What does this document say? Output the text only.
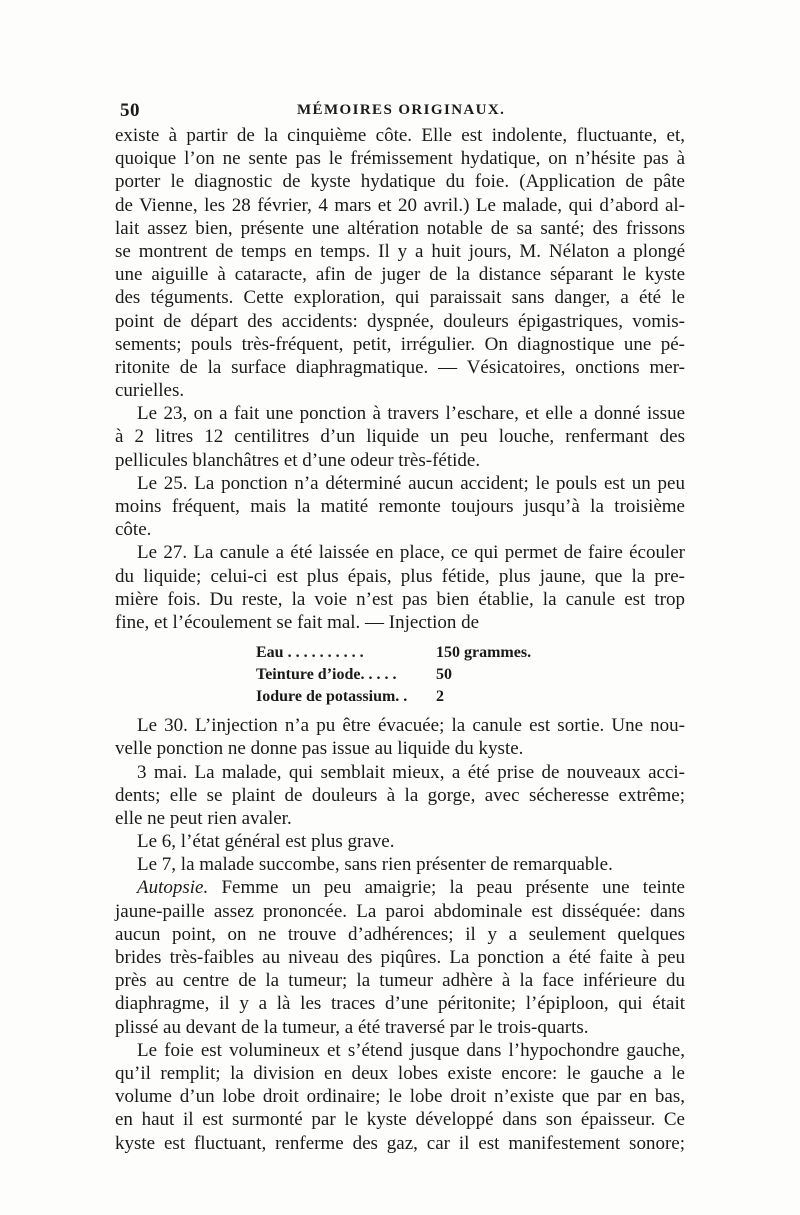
50	MÉMOIRES ORIGINAUX.
existe à partir de la cinquième côte. Elle est indolente, fluctuante, et,
quoique l’on ne sente pas le frémissement hydatique, on n’hésite pas à
porter le diagnostic de kyste hydatique du foie. (Application de pâte
de Vienne, les 28 février, 4 mars et 20 avril.) Le malade, qui d’abord al-
lait assez bien, présente une altération notable de sa santé; des frissons
se montrent de temps en temps. Il y a huit jours, M. Nélaton a plongé
une aiguille à cataracte, afin de juger de la distance séparant le kyste
des téguments. Cette exploration, qui paraissait sans danger, a été le
point de départ des accidents: dyspnée, douleurs épigastriques, vomis-
sements; pouls très-fréquent, petit, irrégulier. On diagnostique une pé-
ritonite de la surface diaphragmatique. — Vésicatoires, onctions mer-
curielles.
Le 23, on a fait une ponction à travers l’eschare, et elle a donné issue
à 2 litres 12 centilitres d’un liquide un peu louche, renfermant des
pellicules blanchâtres et d’une odeur très-fétide.
Le 25. La ponction n’a déterminé aucun accident; le pouls est un peu
moins fréquent, mais la matité remonte toujours jusqu’à la troisième
côte.
Le 27. La canule a été laissée en place, ce qui permet de faire écouler
du liquide; celui-ci est plus épais, plus fétide, plus jaune, que la pre-
mière fois. Du reste, la voie n’est pas bien établie, la canule est trop
fine, et l’écoulement se fait mal. — Injection de
Eau . . . . . . . . . .	150 grammes.
Teinture d’iode. . . . .	50
Iodure de potassium. .	2
Le 30. L’injection n’a pu être évacuée; la canule est sortie. Une nou-
velle ponction ne donne pas issue au liquide du kyste.
3 mai. La malade, qui semblait mieux, a été prise de nouveaux acci-
dents; elle se plaint de douleurs à la gorge, avec sécheresse extrême;
elle ne peut rien avaler.
Le 6, l’état général est plus grave.
Le 7, la malade succombe, sans rien présenter de remarquable.
Autopsie. Femme un peu amaigrie; la peau présente une teinte
jaune-paille assez prononcée. La paroi abdominale est disséquée: dans
aucun point, on ne trouve d’adhérences; il y a seulement quelques
brides très-faibles au niveau des piqûres. La ponction a été faite à peu
près au centre de la tumeur; la tumeur adhère à la face inférieure du
diaphragme, il y a là les traces d’une péritonite; l’épiploon, qui était
plissé au devant de la tumeur, a été traversé par le trois-quarts.
Le foie est volumineux et s’étend jusque dans l’hypochondre gauche,
qu’il remplit; la division en deux lobes existe encore: le gauche a le
volume d’un lobe droit ordinaire; le lobe droit n’existe que par en bas,
en haut il est surmonté par le kyste développé dans son épaisseur. Ce
kyste est fluctuant, renferme des gaz, car il est manifestement sonore;
